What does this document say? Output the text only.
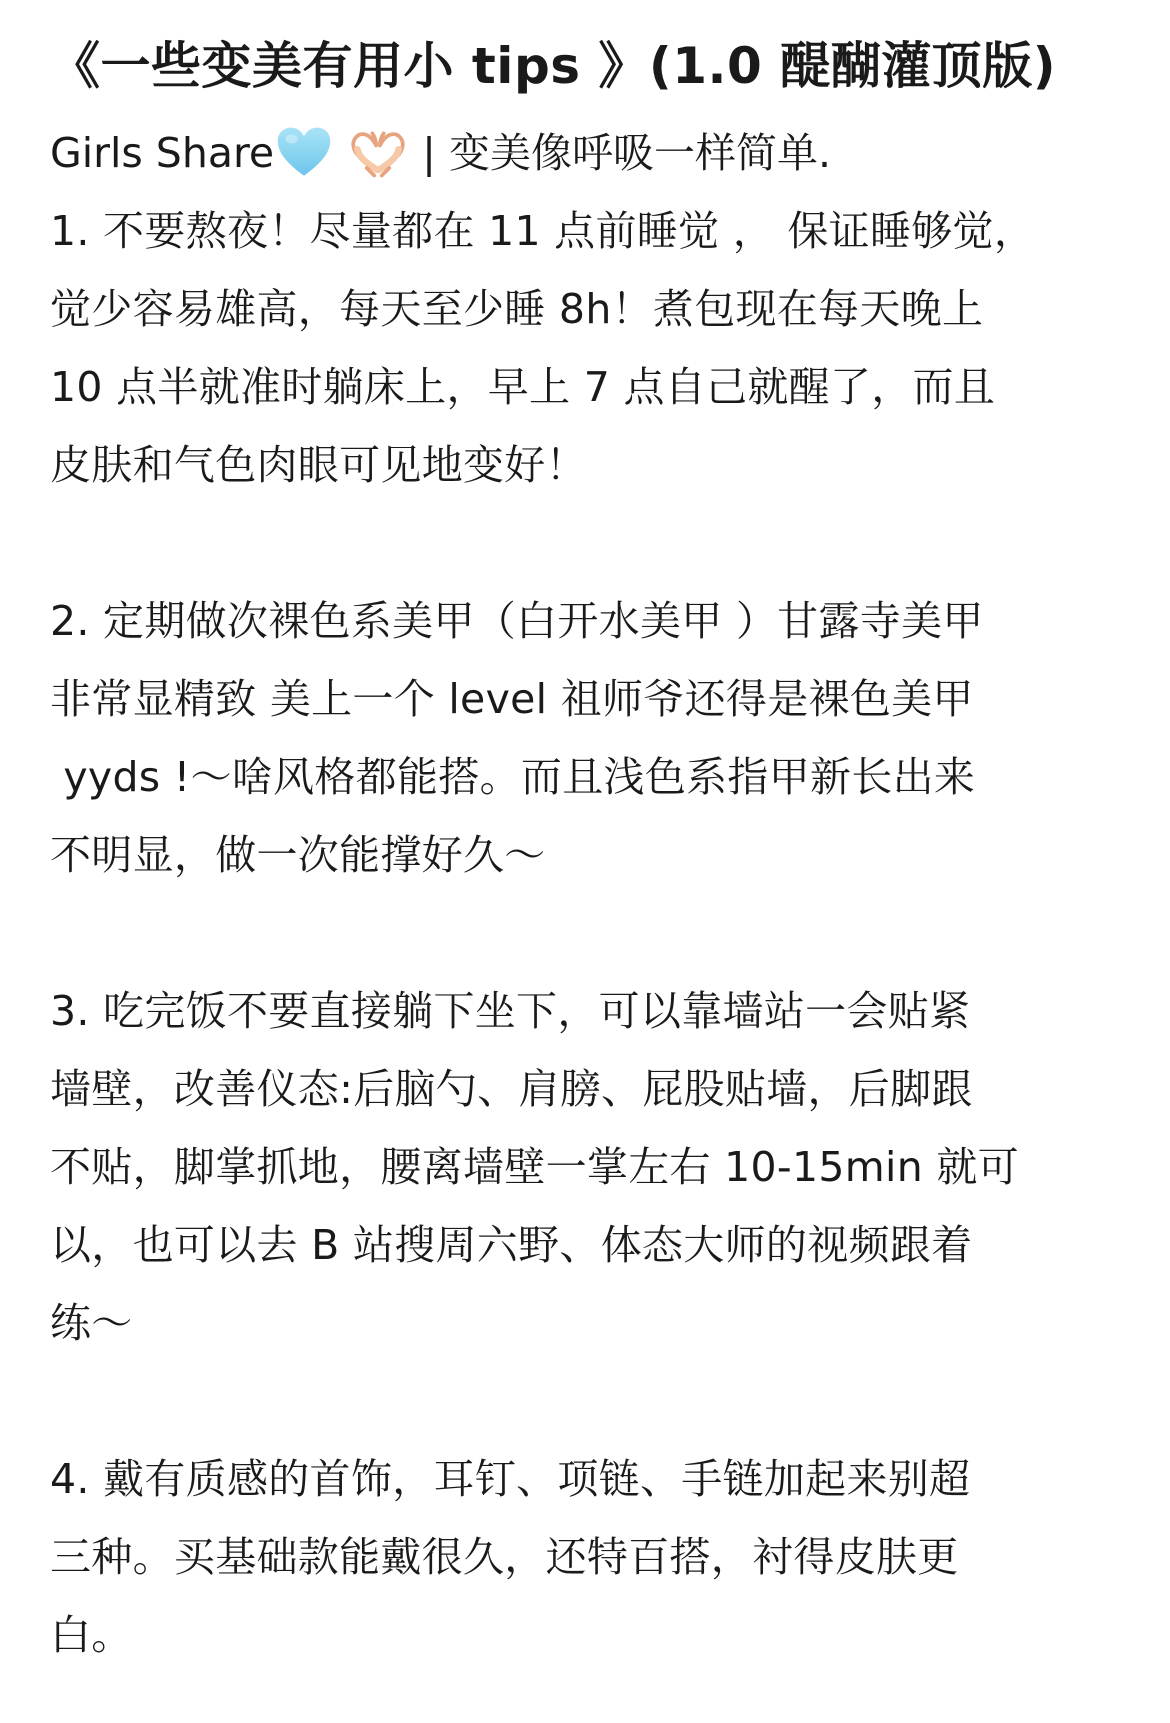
《一些变美有用小 tips 》(1.0 醍醐灌顶版)

Girls Share	| 变美像呼吸一样简单.

1. 不要熬夜！尽量都在 11 点前睡觉 ， 保证睡够觉，
觉少容易雄高，每天至少睡 8h！煮包现在每天晚上
10 点半就准时躺床上，早上 7 点自己就醒了，而且
皮肤和气色肉眼可见地变好！

2. 定期做次裸色系美甲（白开水美甲 ）甘露寺美甲
非常显精致 美上一个 level 祖师爷还得是裸色美甲
yyds !～啥风格都能搭。而且浅色系指甲新长出来
不明显，做一次能撑好久～

3. 吃完饭不要直接躺下坐下，可以靠墙站一会贴紧
墙壁，改善仪态:后脑勺、肩膀、屁股贴墙，后脚跟
不贴，脚掌抓地，腰离墙壁一掌左右 10-15min 就可
以，也可以去 B 站搜周六野、体态大师的视频跟着
练～

4. 戴有质感的首饰，耳钉、项链、手链加起来别超
三种。买基础款能戴很久，还特百搭，衬得皮肤更
白。
